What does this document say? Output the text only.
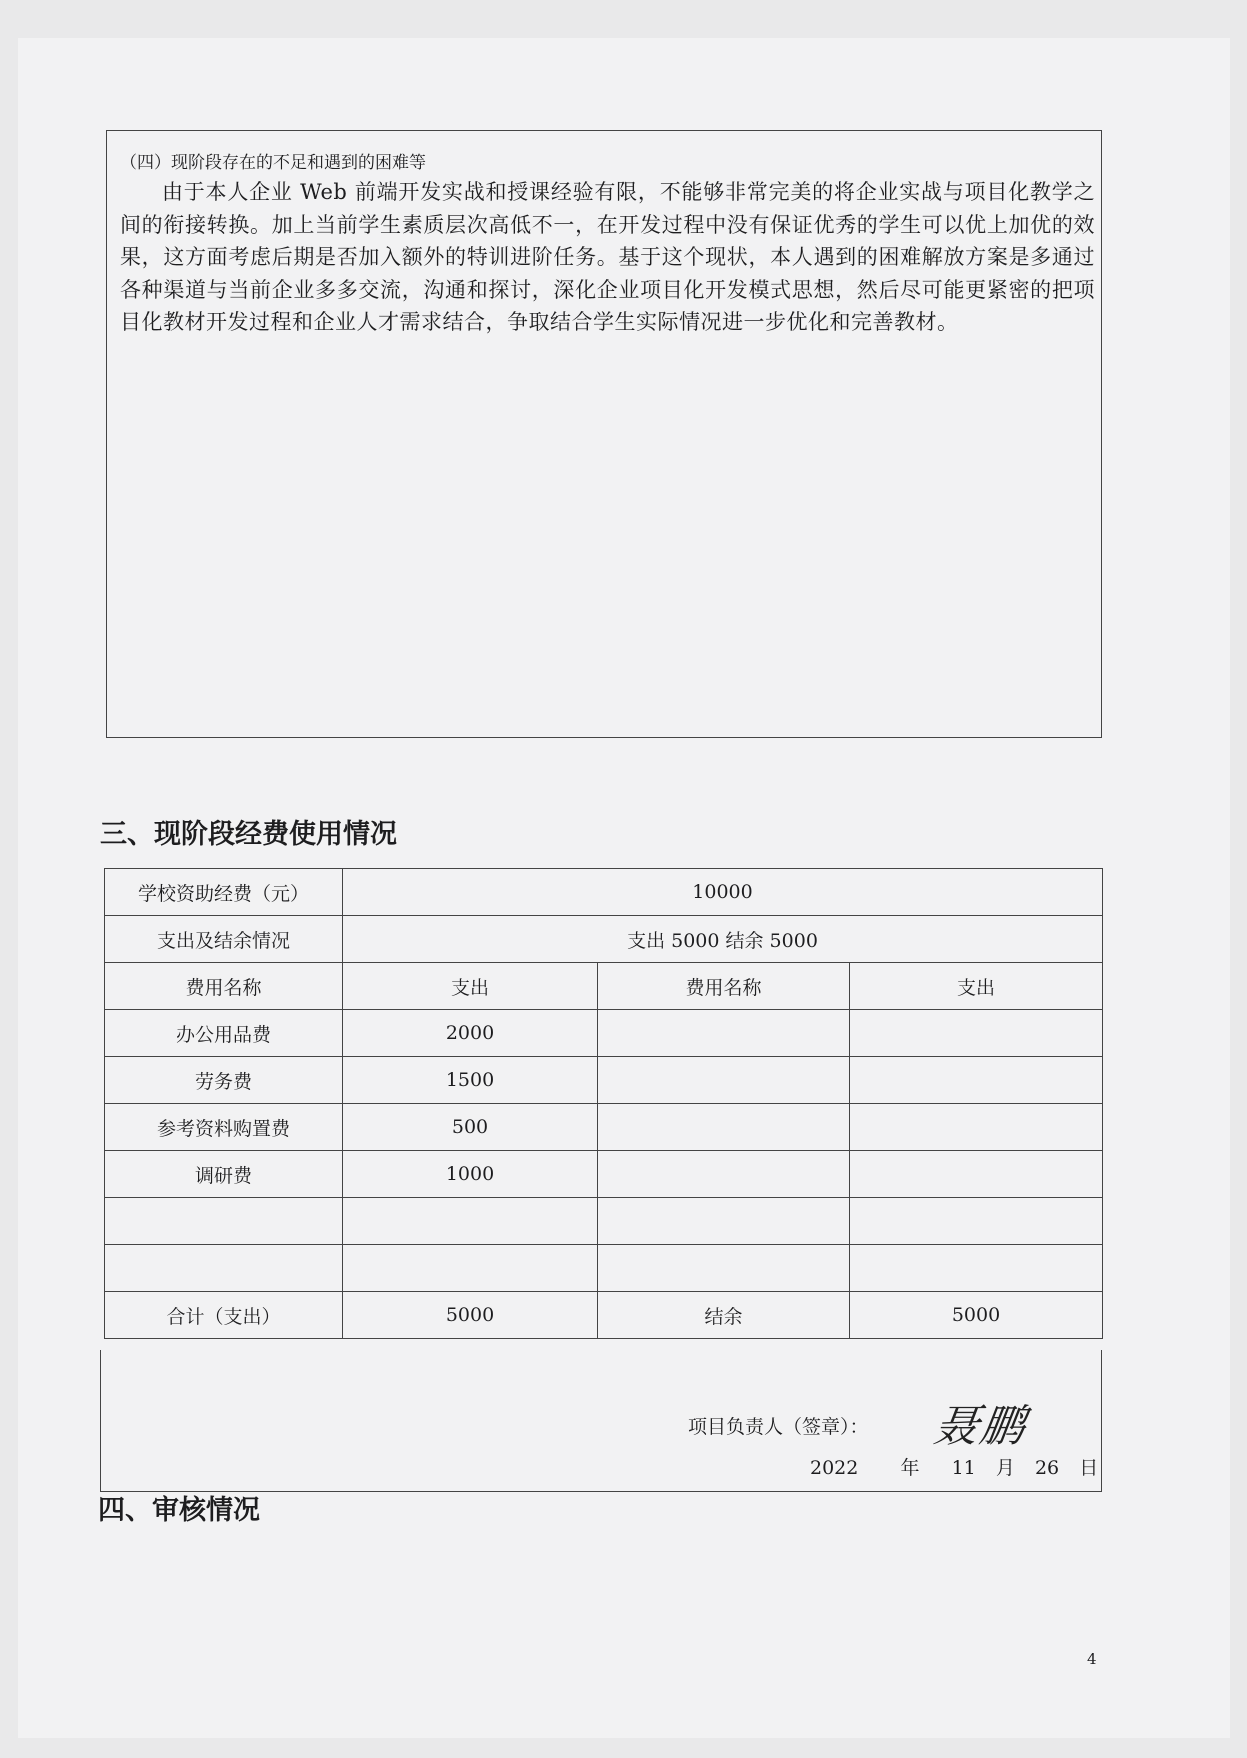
（四）现阶段存在的不足和遇到的困难等
由于本人企业 Web 前端开发实战和授课经验有限，不能够非常完美的将企业实战与项目化教学之间的衔接转换。加上当前学生素质层次高低不一，在开发过程中没有保证优秀的学生可以优上加优的效果，这方面考虑后期是否加入额外的特训进阶任务。基于这个现状，本人遇到的困难解放方案是多通过各种渠道与当前企业多多交流，沟通和探讨，深化企业项目化开发模式思想，然后尽可能更紧密的把项目化教材开发过程和企业人才需求结合，争取结合学生实际情况进一步优化和完善教材。
三、现阶段经费使用情况
学校资助经费（元）	10000		
支出及结余情况	支出 5000 结余 5000		
费用名称	支出	费用名称	支出
办公用品费	2000		
劳务费	1500		
参考资料购置费	500		
调研费	1000		

合计（支出）	5000	结余	5000
项目负责人（签章）： 聂鹏
2022 年 11 月 26 日
四、审核情况
4
